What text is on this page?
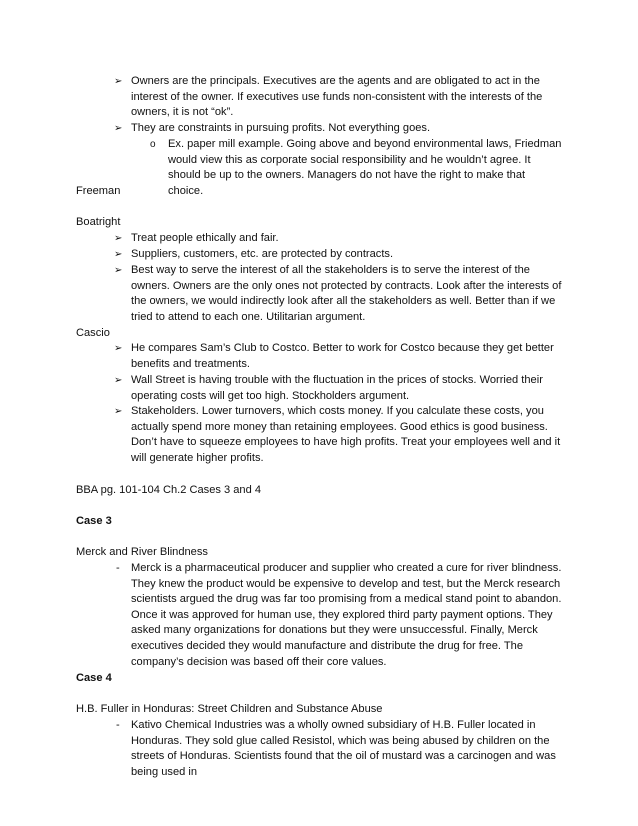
➢ Owners are the principals. Executives are the agents and are obligated to act in the interest of the owner. If executives use funds non-consistent with the interests of the owners, it is not “ok”.

➢ They are constraints in pursuing profits. Not everything goes.

o Ex. paper mill example. Going above and beyond environmental laws, Friedman would view this as corporate social responsibility and he wouldn’t agree. It should be up to the owners. Managers do not have the right to make that choice.

Freeman

Boatright

➢ Treat people ethically and fair.

➢ Suppliers, customers, etc. are protected by contracts.

➢ Best way to serve the interest of all the stakeholders is to serve the interest of the owners. Owners are the only ones not protected by contracts. Look after the interests of the owners, we would indirectly look after all the stakeholders as well. Better than if we tried to attend to each one. Utilitarian argument.

Cascio

➢ He compares Sam’s Club to Costco. Better to work for Costco because they get better benefits and treatments.

➢ Wall Street is having trouble with the fluctuation in the prices of stocks. Worried their operating costs will get too high. Stockholders argument.

➢ Stakeholders. Lower turnovers, which costs money. If you calculate these costs, you actually spend more money than retaining employees. Good ethics is good business. Don’t have to squeeze employees to have high profits. Treat your employees well and it will generate higher profits.

BBA pg. 101-104 Ch.2 Cases 3 and 4

Case 3

Merck and River Blindness

- Merck is a pharmaceutical producer and supplier who created a cure for river blindness. They knew the product would be expensive to develop and test, but the Merck research scientists argued the drug was far too promising from a medical stand point to abandon. Once it was approved for human use, they explored third party payment options. They asked many organizations for donations but they were unsuccessful. Finally, Merck executives decided they would manufacture and distribute the drug for free. The company’s decision was based off their core values.

Case 4

H.B. Fuller in Honduras: Street Children and Substance Abuse

- Kativo Chemical Industries was a wholly owned subsidiary of H.B. Fuller located in Honduras. They sold glue called Resistol, which was being abused by children on the streets of Honduras. Scientists found that the oil of mustard was a carcinogen and was being used in
